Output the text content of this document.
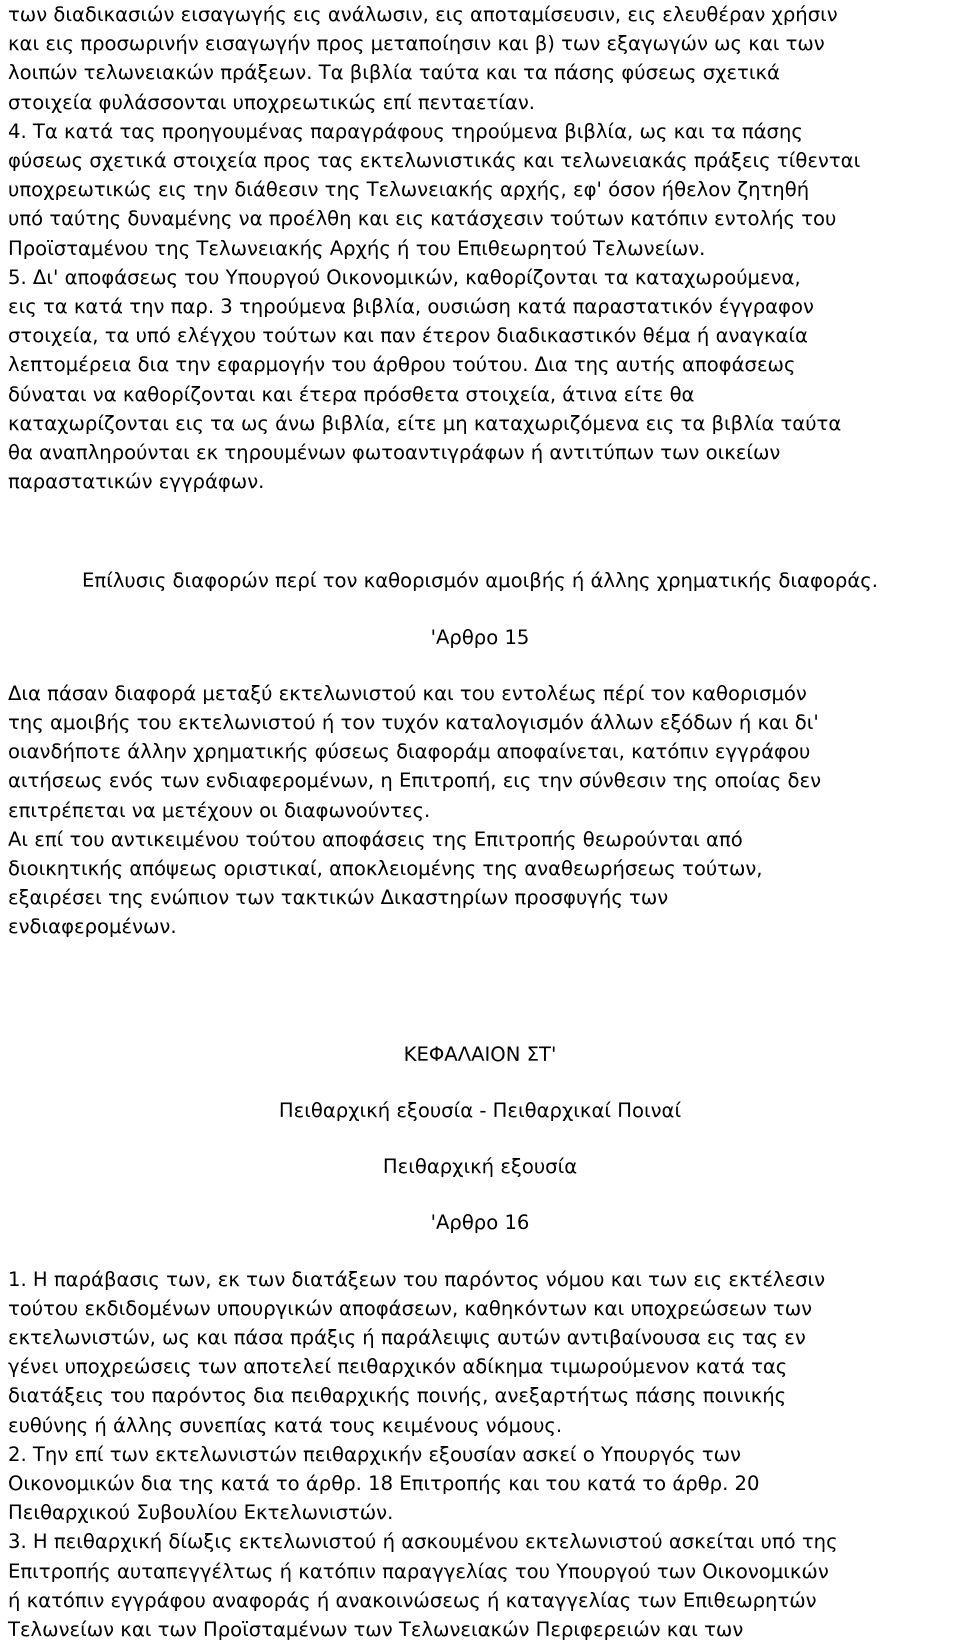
των διαδικασιών εισαγωγής εις ανάλωσιν, εις αποταμίσευσιν, εις ελευθέραν χρήσιν
και εις προσωρινήν εισαγωγήν προς μεταποίησιν και β) των εξαγωγών ως και των
λοιπών τελωνειακών πράξεων. Τα βιβλία ταύτα και τα πάσης φύσεως σχετικά
στοιχεία φυλάσσονται υποχρεωτικώς επί πενταετίαν.

4. Τα κατά τας προηγουμένας παραγράφους τηρούμενα βιβλία, ως και τα πάσης
φύσεως σχετικά στοιχεία προς τας εκτελωνιστικάς και τελωνειακάς πράξεις τίθενται
υποχρεωτικώς εις την διάθεσιν της Τελωνειακής αρχής, εφ' όσον ήθελον ζητηθή
υπό ταύτης δυναμένης να προέλθη και εις κατάσχεσιν τούτων κατόπιν εντολής του
Προϊσταμένου της Τελωνειακής Αρχής ή του Επιθεωρητού Τελωνείων.

5. Δι' αποφάσεως του Υπουργού Οικονομικών, καθορίζονται τα καταχωρούμενα,
εις τα κατά την παρ. 3 τηρούμενα βιβλία, ουσιώση κατά παραστατικόν έγγραφον
στοιχεία, τα υπό ελέγχου τούτων και παν έτερον διαδικαστικόν θέμα ή αναγκαία
λεπτομέρεια δια την εφαρμογήν του άρθρου τούτου. Δια της αυτής αποφάσεως
δύναται να καθορίζονται και έτερα πρόσθετα στοιχεία, άτινα είτε θα
καταχωρίζονται εις τα ως άνω βιβλία, είτε μη καταχωριζόμενα εις τα βιβλία ταύτα
θα αναπληρούνται εκ τηρουμένων φωτοαντιγράφων ή αντιτύπων των οικείων
παραστατικών εγγράφων.

Επίλυσις διαφορών περί τον καθορισμόν αμοιβής ή άλλης χρηματικής διαφοράς.

'Αρθρο 15

Δια πάσαν διαφορά μεταξύ εκτελωνιστού και του εντολέως πέρί τον καθορισμόν
της αμοιβής του εκτελωνιστού ή τον τυχόν καταλογισμόν άλλων εξόδων ή και δι'
οιανδήποτε άλλην χρηματικής φύσεως διαφοράμ αποφαίνεται, κατόπιν εγγράφου
αιτήσεως ενός των ενδιαφερομένων, η Επιτροπή, εις την σύνθεσιν της οποίας δεν
επιτρέπεται να μετέχουν οι διαφωνούντες.

Αι επί του αντικειμένου τούτου αποφάσεις της Επιτροπής θεωρούνται από
διοικητικής απόψεως οριστικαί, αποκλειομένης της αναθεωρήσεως τούτων,
εξαιρέσει της ενώπιον των τακτικών Δικαστηρίων προσφυγής των
ενδιαφερομένων.

ΚΕΦΑΛΑΙΟΝ ΣΤ'

Πειθαρχική εξουσία - Πειθαρχικαί Ποιναί

Πειθαρχική εξουσία

'Αρθρο 16

1. Η παράβασις των, εκ των διατάξεων του παρόντος νόμου και των εις εκτέλεσιν
τούτου εκδιδομένων υπουργικών αποφάσεων, καθηκόντων και υποχρεώσεων των
εκτελωνιστών, ως και πάσα πράξις ή παράλειψις αυτών αντιβαίνουσα εις τας εν
γένει υποχρεώσεις των αποτελεί πειθαρχικόν αδίκημα τιμωρούμενον κατά τας
διατάξεις του παρόντος δια πειθαρχικής ποινής, ανεξαρτήτως πάσης ποινικής
ευθύνης ή άλλης συνεπίας κατά τους κειμένους νόμους.

2. Την επί των εκτελωνιστών πειθαρχικήν εξουσίαν ασκεί ο Υπουργός των
Οικονομικών δια της κατά το άρθρ. 18 Επιτροπής και του κατά το άρθρ. 20
Πειθαρχικού Συβουλίου Εκτελωνιστών.

3. Η πειθαρχική δίωξις εκτελωνιστού ή ασκουμένου εκτελωνιστού ασκείται υπό της
Επιτροπής αυταπεγγέλτως ή κατόπιν παραγγελίας του Υπουργού των Οικονομικών
ή κατόπιν εγγράφου αναφοράς ή ανακοινώσεως ή καταγγελίας των Επιθεωρητών
Τελωνείων και των Προϊσταμένων των Τελωνειακών Περιφερειών και των
